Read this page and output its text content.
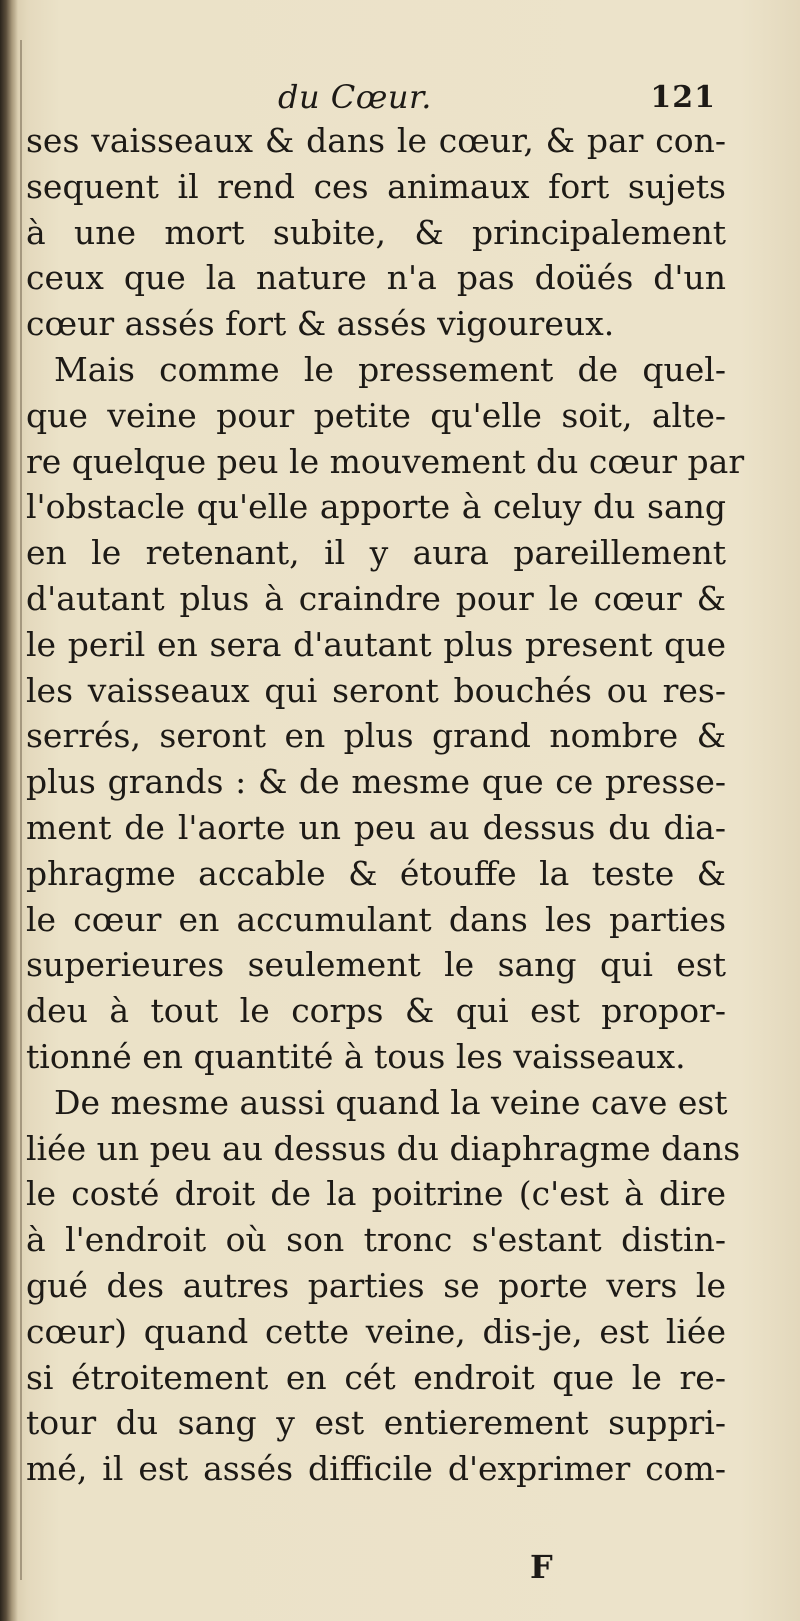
du Cœur.	121
ses vaisseaux & dans le cœur, & par con-
sequent il rend ces animaux fort sujets
à une mort subite, & principalement
ceux que la nature n'a pas doüés d'un
cœur assés fort & assés vigoureux.
Mais comme le pressement de quel-
que veine pour petite qu'elle soit, alte-
re quelque peu le mouvement du cœur par
l'obstacle qu'elle apporte à celuy du sang
en le retenant, il y aura pareillement
d'autant plus à craindre pour le cœur &
le peril en sera d'autant plus present que
les vaisseaux qui seront bouchés ou res-
serrés, seront en plus grand nombre &
plus grands : & de mesme que ce presse-
ment de l'aorte un peu au dessus du dia-
phragme accable & étouffe la teste &
le cœur en accumulant dans les parties
superieures seulement le sang qui est
deu à tout le corps & qui est propor-
tionné en quantité à tous les vaisseaux.
De mesme aussi quand la veine cave est
liée un peu au dessus du diaphragme dans
le costé droit de la poitrine (c'est à dire
à l'endroit où son tronc s'estant distin-
gué des autres parties se porte vers le
cœur) quand cette veine, dis-je, est liée
si étroitement en cét endroit que le re-
tour du sang y est entierement suppri-
mé, il est assés difficile d'exprimer com-
F
